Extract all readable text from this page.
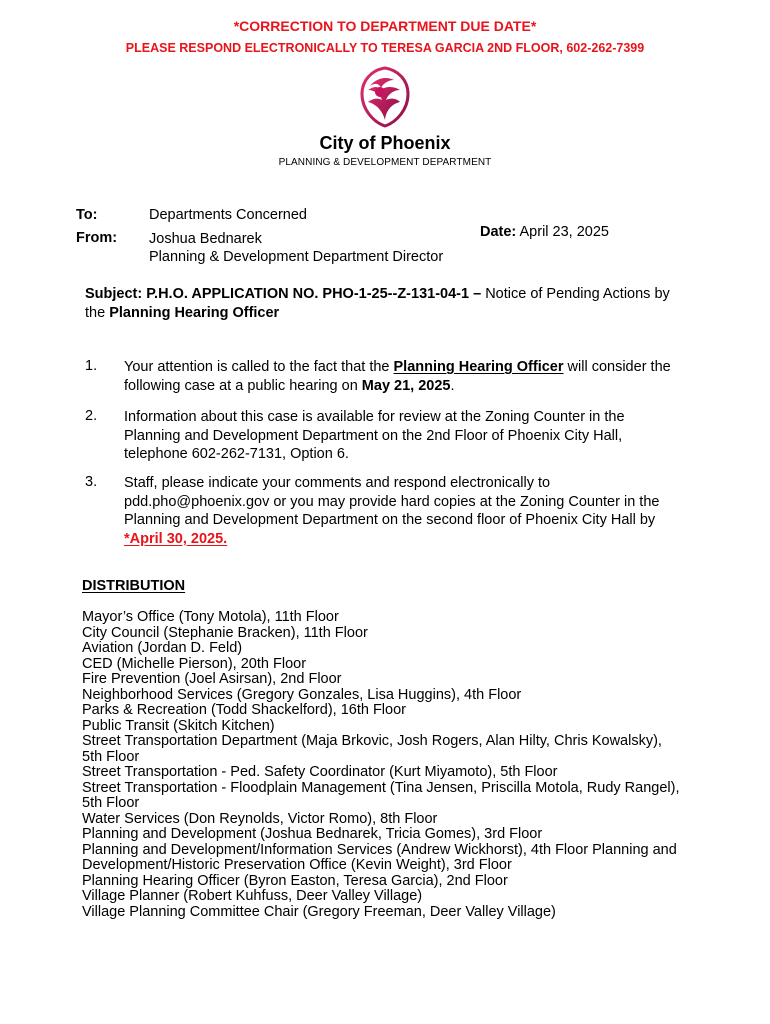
*CORRECTION TO DEPARTMENT DUE DATE*
PLEASE RESPOND ELECTRONICALLY TO TERESA GARCIA 2ND FLOOR, 602-262-7399
City of Phoenix
PLANNING & DEVELOPMENT DEPARTMENT
To:	Departments Concerned
From: Joshua Bednarek
Planning & Development Department Director
Date: April 23, 2025
Subject: P.H.O. APPLICATION NO. PHO-1-25--Z-131-04-1 – Notice of Pending Actions by
the Planning Hearing Officer
1. Your attention is called to the fact that the Planning Hearing Officer will consider the
following case at a public hearing on May 21, 2025.
2. Information about this case is available for review at the Zoning Counter in the
Planning and Development Department on the 2nd Floor of Phoenix City Hall,
telephone 602-262-7131, Option 6.
3. Staff, please indicate your comments and respond electronically to
pdd.pho@phoenix.gov or you may provide hard copies at the Zoning Counter in the
Planning and Development Department on the second floor of Phoenix City Hall by
*April 30, 2025.
DISTRIBUTION
Mayor’s Office (Tony Motola), 11th Floor
City Council (Stephanie Bracken), 11th Floor
Aviation (Jordan D. Feld)
CED (Michelle Pierson), 20th Floor
Fire Prevention (Joel Asirsan), 2nd Floor
Neighborhood Services (Gregory Gonzales, Lisa Huggins), 4th Floor
Parks & Recreation (Todd Shackelford), 16th Floor
Public Transit (Skitch Kitchen)
Street Transportation Department (Maja Brkovic, Josh Rogers, Alan Hilty, Chris Kowalsky),
5th Floor
Street Transportation - Ped. Safety Coordinator (Kurt Miyamoto), 5th Floor
Street Transportation - Floodplain Management (Tina Jensen, Priscilla Motola, Rudy Rangel),
5th Floor
Water Services (Don Reynolds, Victor Romo), 8th Floor
Planning and Development (Joshua Bednarek, Tricia Gomes), 3rd Floor
Planning and Development/Information Services (Andrew Wickhorst), 4th Floor Planning and
Development/Historic Preservation Office (Kevin Weight), 3rd Floor
Planning Hearing Officer (Byron Easton, Teresa Garcia), 2nd Floor
Village Planner (Robert Kuhfuss, Deer Valley Village)
Village Planning Committee Chair (Gregory Freeman, Deer Valley Village)
